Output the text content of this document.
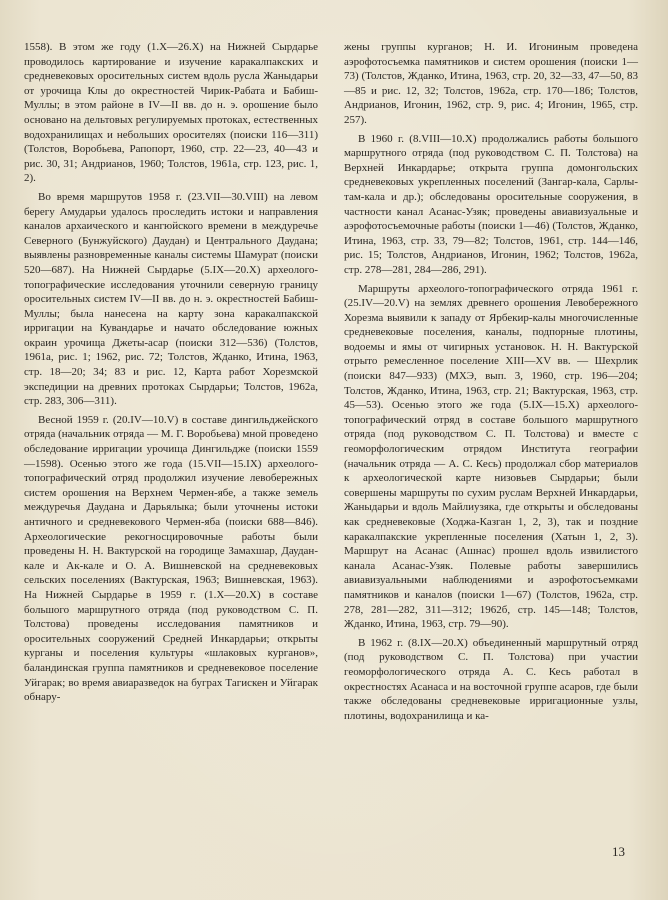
1558). В этом же году (1.X—26.X) на Нижней Сырдарье проводилось картирование и изучение каракалпакских и средневековых оросительных систем вдоль русла Жаныдарьи от урочища Клы до окрестностей Чирик-Рабата и Бабиш-Муллы; в этом районе в IV—II вв. до н. э. орошение было основано на дельтовых регулируемых протоках, естественных водохранилищах и небольших оросителях (поиски 116—311) (Толстов, Воробьева, Рапопорт, 1960, стр. 22—23, 40—43 и рис. 30, 31; Андрианов, 1960; Толстов, 1961а, стр. 123, рис. 1, 2).

Во время маршрутов 1958 г. (23.VII—30.VIII) на левом берегу Амударьи удалось проследить истоки и направления каналов архаического и кангюйского времени в междуречье Северного (Бунжуйского) Даудан) и Центрального Даудана; выявлены разновременные каналы системы Шамурат (поиски 520—687). На Нижней Сырдарье (5.IX—20.X) археолого-топографические исследования уточнили северную границу оросительных систем IV—II вв. до н. э. окрестностей Бабиш-Муллы; была нанесена на карту зона каракалпакской ирригации на Кувандарье и начато обследование южных окраин урочища Джеты-асар (поиски 312—536) (Толстов, 1961а, рис. 1; 1962, рис. 72; Толстов, Жданко, Итина, 1963, стр. 18—20; 34; 83 и рис. 12, Карта работ Хорезмской экспедиции на древних протоках Сырдарьи; Толстов, 1962а, стр. 283, 306—311).

Весной 1959 г. (20.IV—10.V) в составе дингильджейского отряда (начальник отряда — М. Г. Воробьева) мной проведено обследование ирригации урочища Дингильдже (поиски 1559—1598). Осенью этого же года (15.VII—15.IX) археолого-топографический отряд продолжил изучение левобережных систем орошения на Верхнем Чермен-ябе, а также земель междуречья Даудана и Дарьялыка; были уточнены истоки античного и средневекового Чермен-ябa (поиски 688—846). Археологические рекогносцировочные работы были проведены Н. Н. Вактурской на городище Замахшар, Даудан-кале и Ак-кале и О. А. Вишневской на средневековых сельских поселениях (Вактурская, 1963; Вишневская, 1963). На Нижней Сырдарье в 1959 г. (1.X—20.X) в составе большого маршрутного отряда (под руководством С. П. Толстова) проведены исследования памятников и оросительных сооружений Средней Инкардарьи; открыты курганы и поселения культуры «шлаковых курганов», баландинская группа памятников и средневековое поселение Уйгарак; во время авиаразведок на буграх Тагискен и Уйгарак обнару-

жены группы курганов; Н. И. Игониным проведена аэрофотосъемка памятников и систем орошения (поиски 1—73) (Толстов, Жданко, Итина, 1963, стр. 20, 32—33, 47—50, 83—85 и рис. 12, 32; Толстов, 1962а, стр. 170—186; Толстов, Андрианов, Игонин, 1962, стр. 9, рис. 4; Игонин, 1965, стр. 257).

В 1960 г. (8.VIII—10.X) продолжались работы большого маршрутного отряда (под руководством С. П. Толстова) на Верхней Инкардарье; открыта группа домонгольских средневековых укрепленных поселений (Зангар-кала, Сарлы-там-кала и др.); обследованы оросительные сооружения, в частности канал Асанас-Узяк; проведены авиавизуальные и аэрофотосъемочные работы (поиски 1—46) (Толстов, Жданко, Итина, 1963, стр. 33, 79—82; Толстов, 1961, стр. 144—146, рис. 15; Толстов, Андрианов, Игонин, 1962; Толстов, 1962а, стр. 278—281, 284—286, 291).

Маршруты археолого-топографического отряда 1961 г. (25.IV—20.V) на землях древнего орошения Левобережного Хорезма выявили к западу от Ярбекир-калы многочисленные средневековые поселения, каналы, подпорные плотины, водоемы и ямы от чигирных установок. Н. Н. Вактурской отрыто ремесленное поселение XIII—XV вв. — Шехрлик (поиски 847—933) (МХЭ, вып. 3, 1960, стр. 196—204; Толстов, Жданко, Итина, 1963, стр. 21; Вактурская, 1963, стр. 45—53). Осенью этого же года (5.IX—15.X) археолого-топографический отряд в составе большого маршрутного отряда (под руководством С. П. Толстова) и вместе с геоморфологическим отрядом Института географии (начальник отряда — А. С. Кесь) продолжал сбор материалов к археологической карте низовьев Сырдарьи; были совершены маршруты по сухим руслам Верхней Инкардарьи, Жаныдарьи и вдоль Майлиузяка, где открыты и обследованы как средневековые (Ходжа-Казган 1, 2, 3), так и поздние каракалпакские укрепленные поселения (Хатын 1, 2, 3). Маршрут на Асанас (Ашнас) прошел вдоль извилистого канала Асанас-Узяк. Полевые работы завершились авиавизуальными наблюдениями и аэрофотосъемками памятников и каналов (поиски 1—67) (Толстов, 1962а, стр. 278, 281—282, 311—312; 1962б, стр. 145—148; Толстов, Жданко, Итина, 1963, стр. 79—90).

В 1962 г. (8.IX—20.X) объединенный маршрутный отряд (под руководством С. П. Толстова) при участии геоморфологического отряда А. С. Кесь работал в окрестностях Асанаса и на восточной группе асаров, где были также обследованы средневековые ирригационные узлы, плотины, водохранилища и ка-

13
